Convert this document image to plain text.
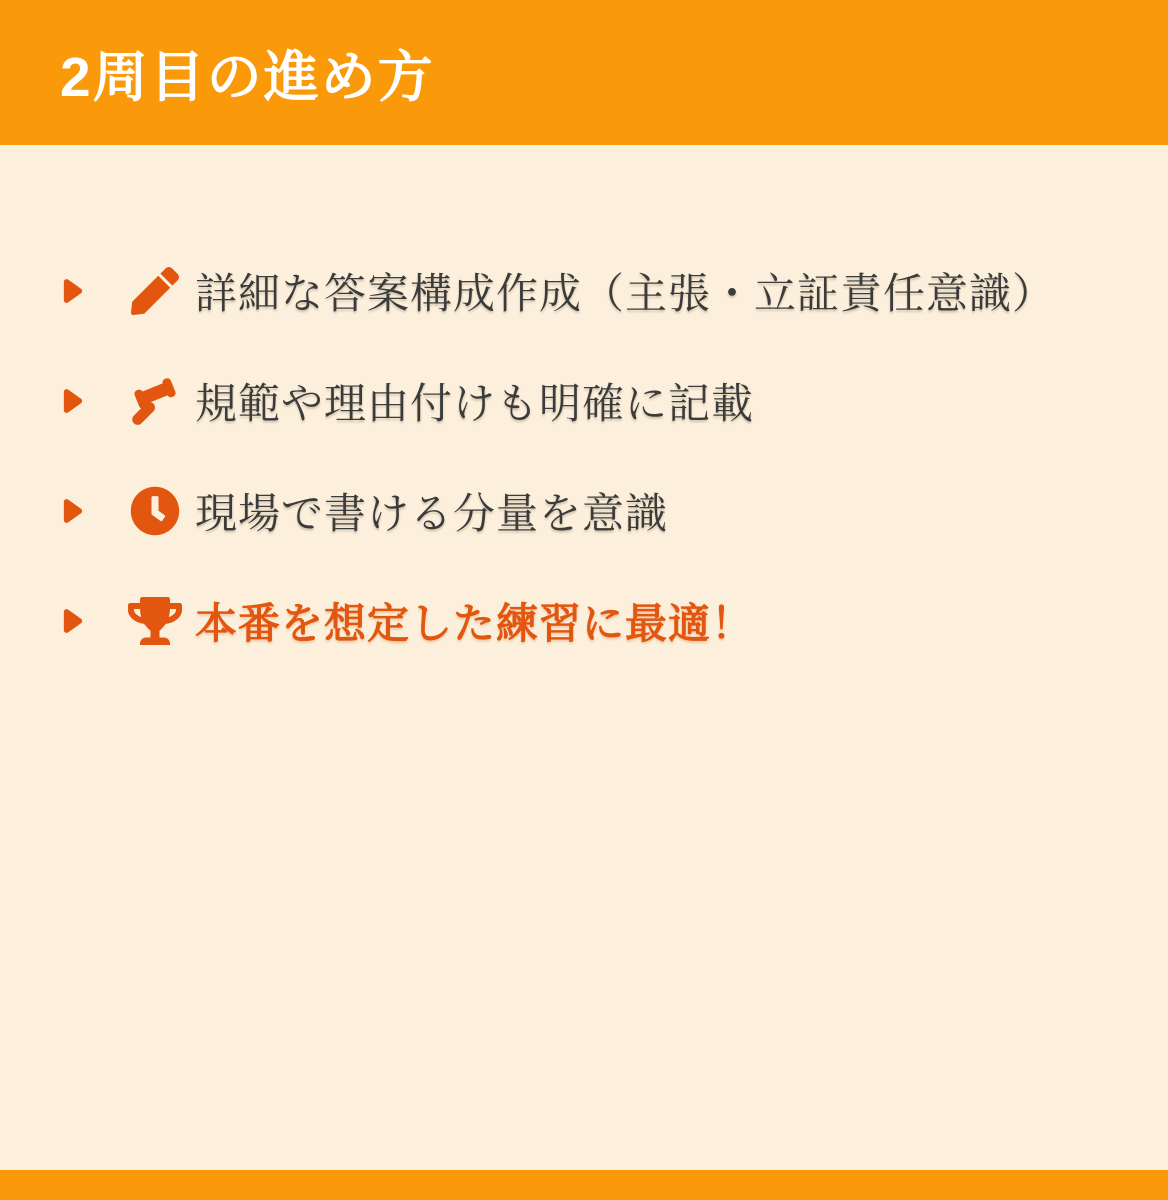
2周目の進め方
詳細な答案構成作成（主張・立証責任意識）
規範や理由付けも明確に記載
現場で書ける分量を意識
本番を想定した練習に最適！
